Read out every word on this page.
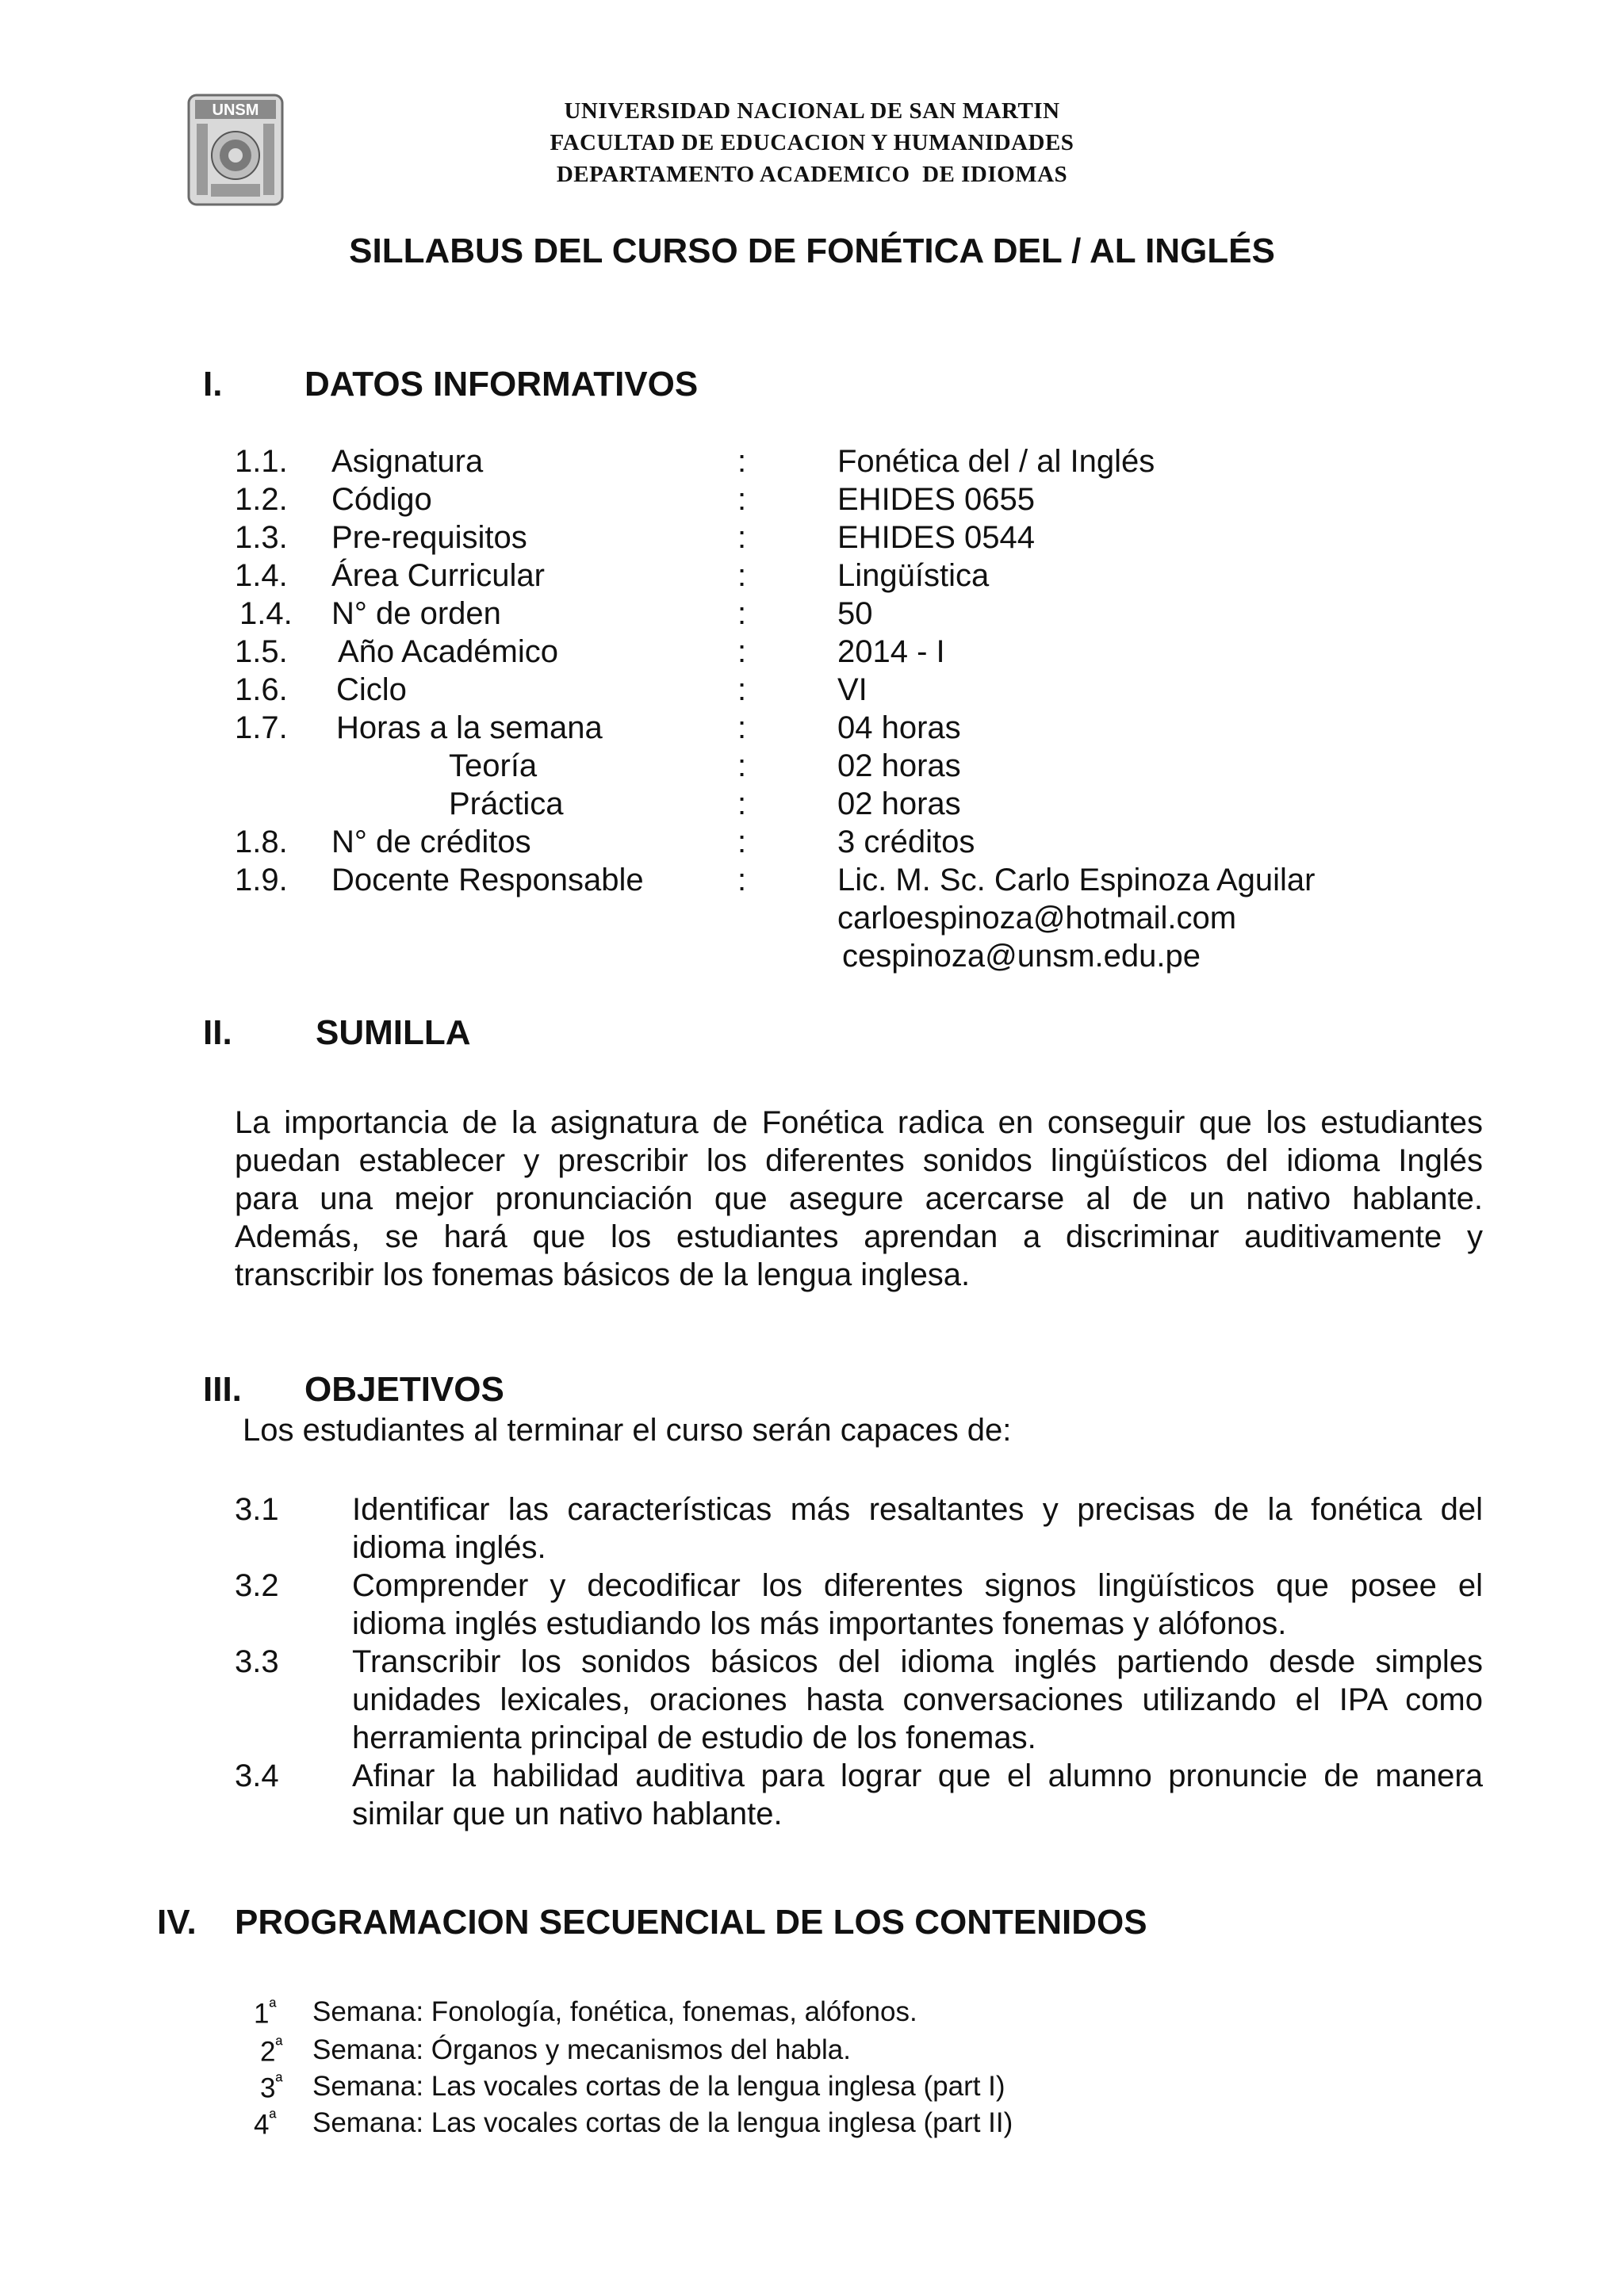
UNSM	UNIVERSIDAD NACIONAL DE SAN MARTIN
FACULTAD DE EDUCACION Y HUMANIDADES
DEPARTAMENTO ACADEMICO  DE IDIOMAS
SILLABUS DEL CURSO DE FONÉTICA DEL / AL INGLÉS
I. DATOS INFORMATIVOS
1.1. Asignatura	:	Fonética del / al Inglés
1.2. Código	:	EHIDES 0655
1.3. Pre-requisitos	:	EHIDES 0544
1.4. Área Curricular	:	Lingüística
1.4. N° de orden	:	50
1.5. Año Académico	:	2014 - I
1.6. Ciclo	:	VI
1.7. Horas a la semana	:	04 horas
Teoría	:	02 horas
Práctica	:	02 horas
1.8. N° de créditos	:	3 créditos
1.9. Docente Responsable	:	Lic. M. Sc. Carlo Espinoza Aguilar
carloespinoza@hotmail.com
cespinoza@unsm.edu.pe
II. SUMILLA
La importancia de la asignatura de Fonética radica en conseguir que los estudiantes
puedan establecer y prescribir los diferentes sonidos lingüísticos del idioma Inglés
para una mejor pronunciación que asegure acercarse al de un nativo hablante.
Además, se hará que los estudiantes aprendan a discriminar auditivamente y
transcribir los fonemas básicos de la lengua inglesa.
III. OBJETIVOS
Los estudiantes al terminar el curso serán capaces de:
3.1 Identificar las características más resaltantes y precisas de la fonética del
idioma inglés.
3.2 Comprender y decodificar los diferentes signos lingüísticos que posee el
idioma inglés estudiando los más importantes fonemas y alófonos.
3.3 Transcribir los sonidos básicos del idioma inglés partiendo desde simples
unidades lexicales, oraciones hasta conversaciones utilizando el IPA como
herramienta principal de estudio de los fonemas.
3.4 Afinar la habilidad auditiva para lograr que el alumno pronuncie de manera
similar que un nativo hablante.
IV. PROGRAMACION SECUENCIAL DE LOS CONTENIDOS
$1^ª$ Semana: Fonología, fonética, fonemas, alófonos.
$2^ª$ Semana: Órganos y mecanismos del habla.
$3^ª$ Semana: Las vocales cortas de la lengua inglesa (part I)
$4^ª$ Semana: Las vocales cortas de la lengua inglesa (part II)
